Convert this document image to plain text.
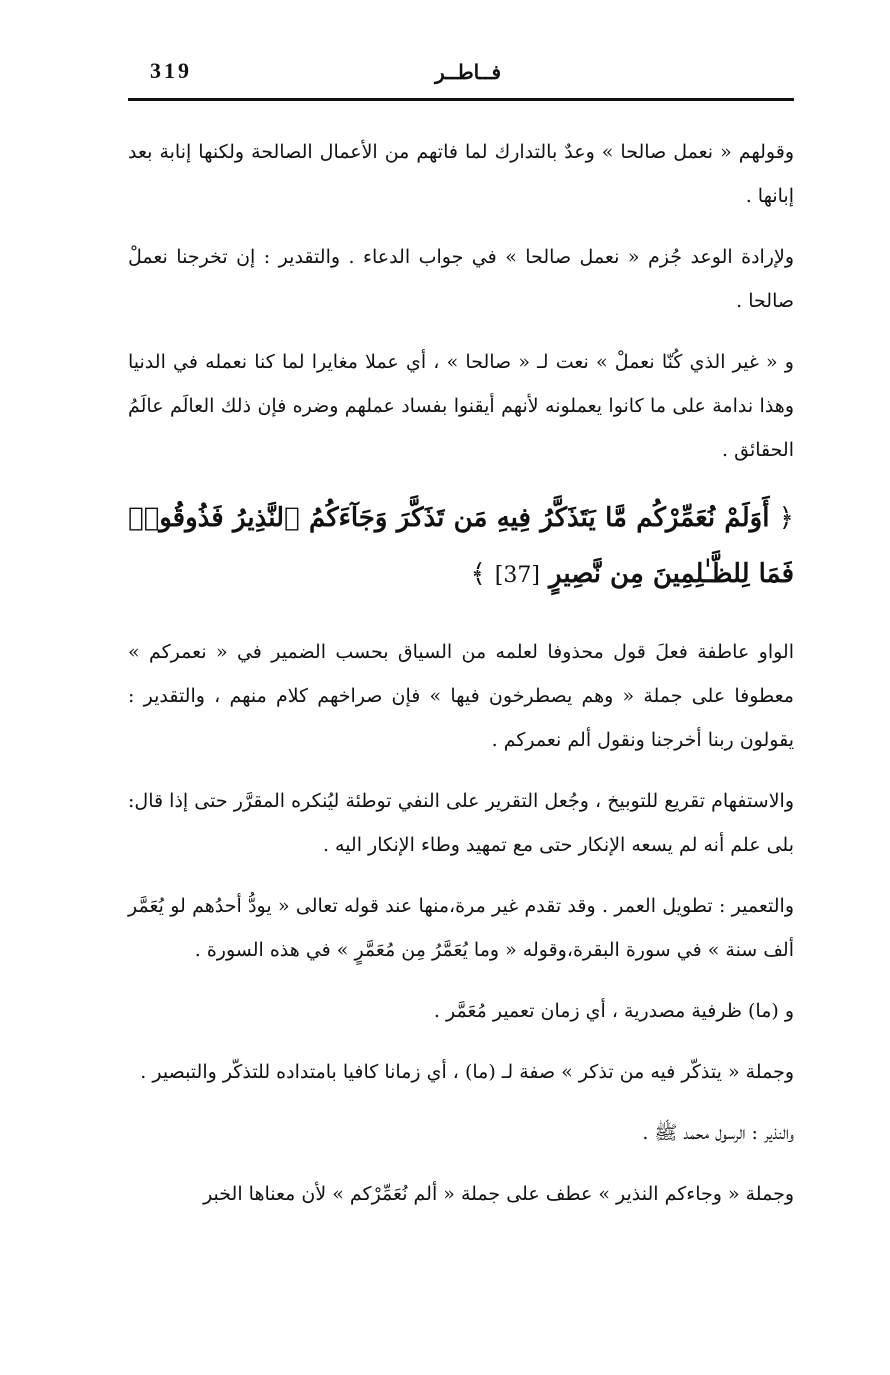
319	فــاطــر

وقولهم « نعمل صالحا » وعدٌ بالتدارك لما فاتهم من الأعمال الصالحة ولكنها إنابة بعد إبانها .

ولإرادة الوعد جُزم « نعمل صالحا » في جواب الدعاء . والتقدير : إن تخرجنا نعملْ صالحا .

و « غير الذي كُنّا نعملْ » نعت لـ « صالحا » ، أي عملا مغايرا لما كنا نعمله في الدنيا وهذا ندامة على ما كانوا يعملونه لأنهم أيقنوا بفساد عملهم وضره فإن ذلك العالَم عالَمُ الحقائق .

﴿ أَوَلَمْ نُعَمِّرْكُم مَّا يَتَذَكَّرُ فِيهِ مَن تَذَكَّرَ وَجَآءَكُمُ ٱلنَّذِيرُ فَذُوقُوا۟ فَمَا لِلظَّـٰلِمِينَ مِن نَّصِيرٍ [37] ﴾

الواو عاطفة فعلَ قول محذوفا لعلمه من السياق بحسب الضمير في « نعمركم » معطوفا على جملة « وهم يصطرخون فيها » فإن صراخهم كلام منهم ، والتقدير : يقولون ربنا أخرجنا ونقول ألم نعمركم .

والاستفهام تقريع للتوبيخ ، وجُعل التقرير على النفي توطئة ليُنكره المقرَّر حتى إذا قال: بلى علم أنه لم يسعه الإنكار حتى مع تمهيد وطاء الإنكار اليه .

والتعمير : تطويل العمر . وقد تقدم غير مرة،منها عند قوله تعالى « يودُّ أحدُهم لو يُعَمَّر ألف سنة » في سورة البقرة،وقوله « وما يُعَمَّرُ مِن مُعَمَّرٍ » في هذه السورة .

و (ما) ظرفية مصدرية ، أي زمان تعمير مُعَمَّر .

وجملة « يتذكّر فيه من تذكر » صفة لـ (ما) ، أي زمانا كافيا بامتداده للتذكّر والتبصير .

والنذير : الرسول محمد ﷺ .

وجملة « وجاءكم النذير » عطف على جملة « ألم نُعَمِّرْكم » لأن معناها الخبر
